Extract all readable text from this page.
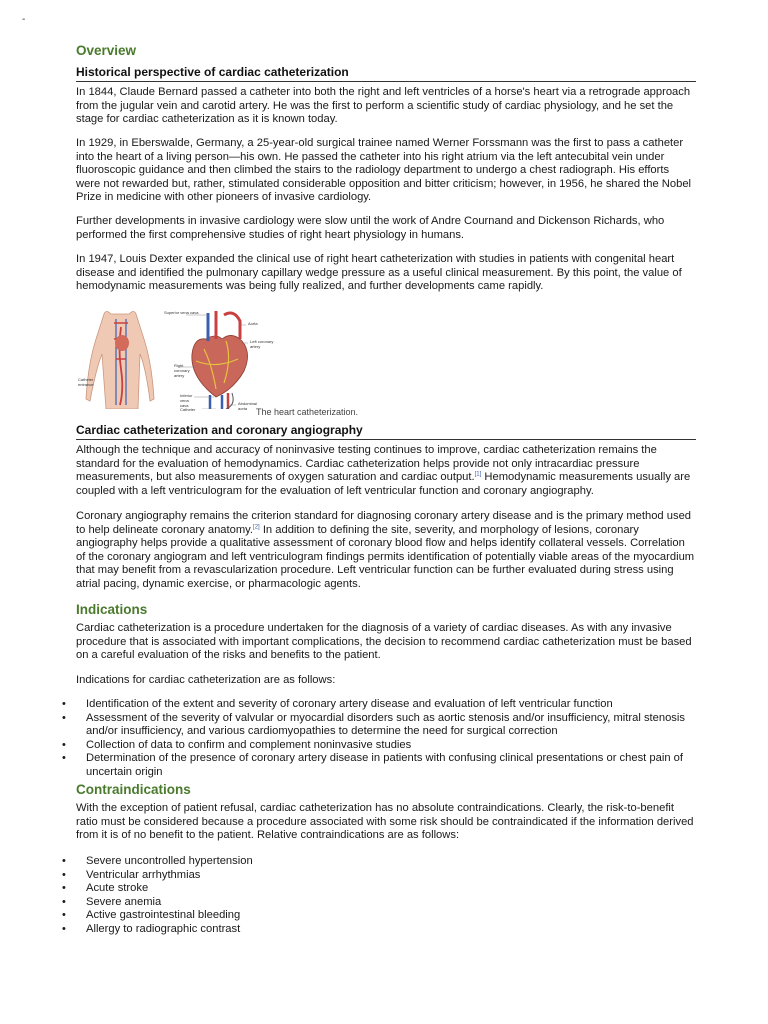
-
Overview
Historical perspective of cardiac catheterization

In 1844, Claude Bernard passed a catheter into both the right and left ventricles of a horse's heart via a retrograde approach from the jugular vein and carotid artery. He was the first to perform a scientific study of cardiac physiology, and he set the stage for cardiac catheterization as it is known today.

In 1929, in Eberswalde, Germany, a 25-year-old surgical trainee named Werner Forssmann was the first to pass a catheter into the heart of a living person—his own. He passed the catheter into his right atrium via the left antecubital vein under fluoroscopic guidance and then climbed the stairs to the radiology department to undergo a chest radiograph. His efforts were not rewarded but, rather, stimulated considerable opposition and bitter criticism; however, in 1956, he shared the Nobel Prize in medicine with other pioneers of invasive cardiology.

Further developments in invasive cardiology were slow until the work of Andre Cournand and Dickenson Richards, who performed the first comprehensive studies of right heart physiology in humans.

In 1947, Louis Dexter expanded the clinical use of right heart catheterization with studies in patients with congenital heart disease and identified the pulmonary capillary wedge pressure as a useful clinical measurement. By this point, the value of hemodynamic measurements was being fully realized, and further developments came rapidly.

Superior vena cava
Aorta
Left coronary artery
Right coronary artery
Inferior vena cava	Abdominal aorta
Catheter entrance
Catheter	The heart catheterization.
Cardiac catheterization and coronary angiography

Although the technique and accuracy of noninvasive testing continues to improve, cardiac catheterization remains the standard for the evaluation of hemodynamics. Cardiac catheterization helps provide not only intracardiac pressure measurements, but also measurements of oxygen saturation and cardiac output.[1] Hemodynamic measurements usually are coupled with a left ventriculogram for the evaluation of left ventricular function and coronary angiography.

Coronary angiography remains the criterion standard for diagnosing coronary artery disease and is the primary method used to help delineate coronary anatomy.[2] In addition to defining the site, severity, and morphology of lesions, coronary angiography helps provide a qualitative assessment of coronary blood flow and helps identify collateral vessels. Correlation of the coronary angiogram and left ventriculogram findings permits identification of potentially viable areas of the myocardium that may benefit from a revascularization procedure. Left ventricular function can be further evaluated during stress using atrial pacing, dynamic exercise, or pharmacologic agents.

Indications

Cardiac catheterization is a procedure undertaken for the diagnosis of a variety of cardiac diseases. As with any invasive procedure that is associated with important complications, the decision to recommend cardiac catheterization must be based on a careful evaluation of the risks and benefits to the patient.

Indications for cardiac catheterization are as follows:

• Identification of the extent and severity of coronary artery disease and evaluation of left ventricular function
• Assessment of the severity of valvular or myocardial disorders such as aortic stenosis and/or insufficiency, mitral stenosis and/or insufficiency, and various cardiomyopathies to determine the need for surgical correction
• Collection of data to confirm and complement noninvasive studies
• Determination of the presence of coronary artery disease in patients with confusing clinical presentations or chest pain of uncertain origin
Contraindications

With the exception of patient refusal, cardiac catheterization has no absolute contraindications. Clearly, the risk-to-benefit ratio must be considered because a procedure associated with some risk should be contraindicated if the information derived from it is of no benefit to the patient. Relative contraindications are as follows:

• Severe uncontrolled hypertension
• Ventricular arrhythmias
• Acute stroke
• Severe anemia
• Active gastrointestinal bleeding
• Allergy to radiographic contrast
